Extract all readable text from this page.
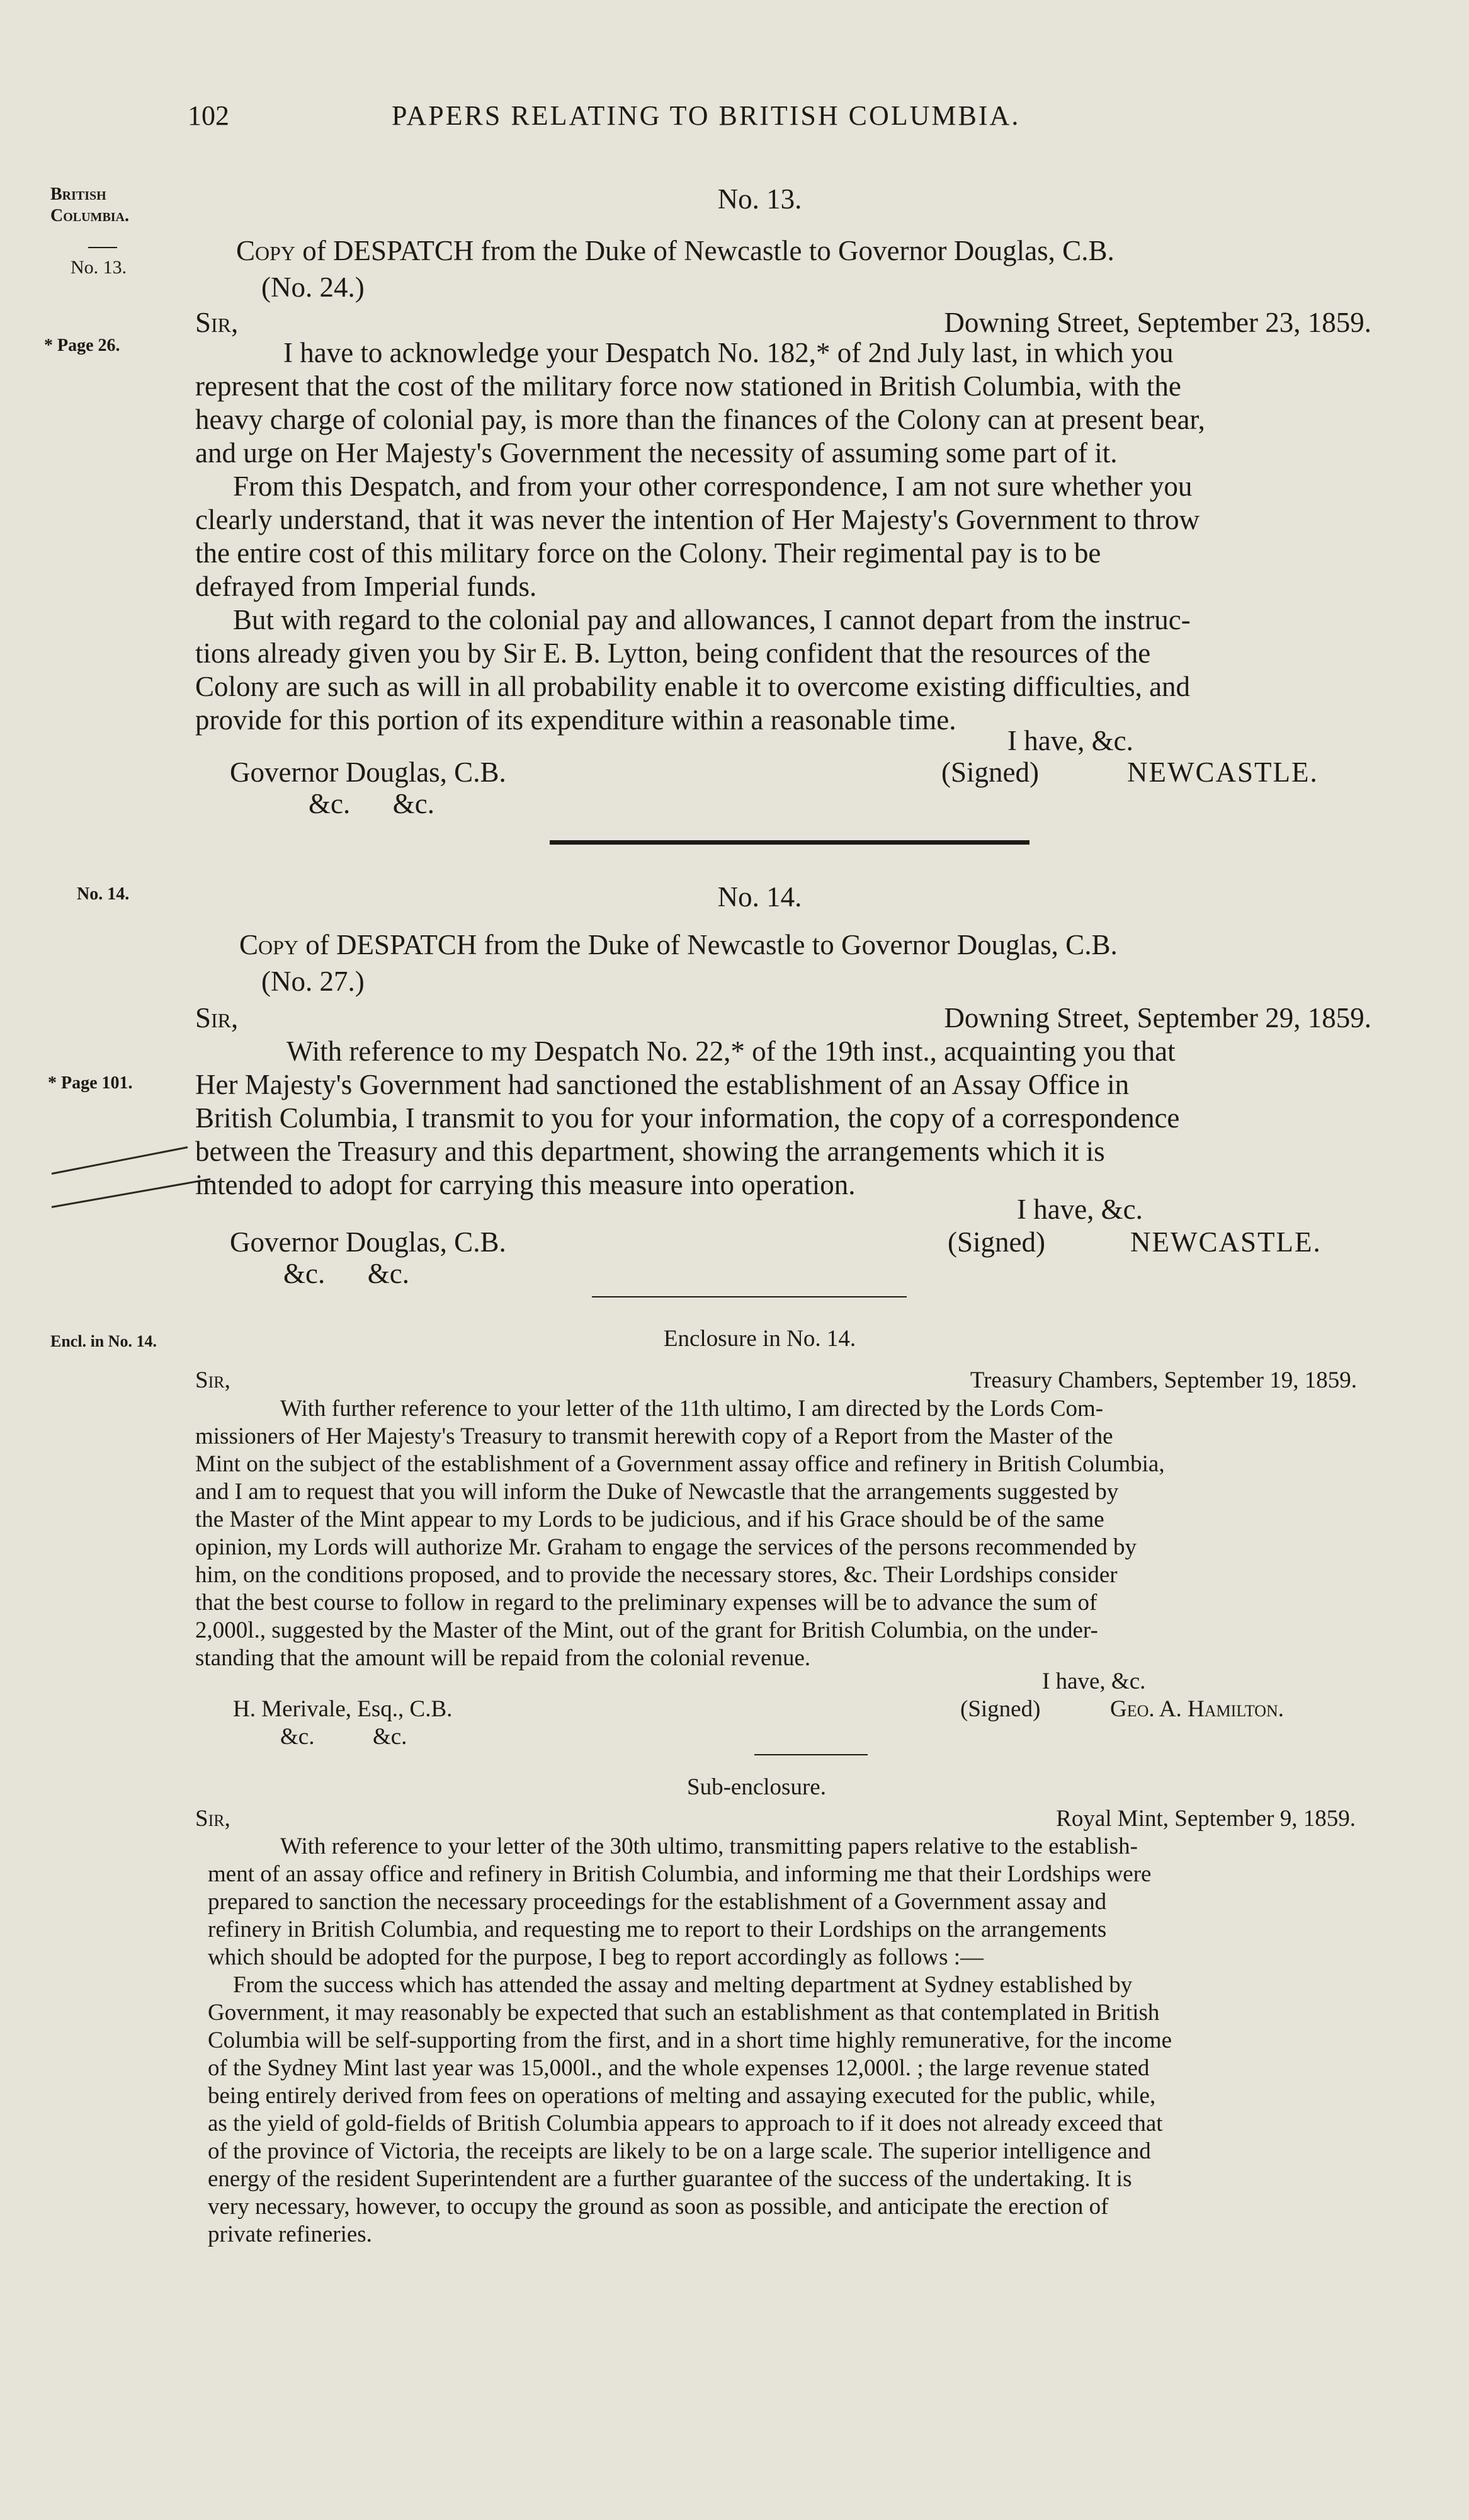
102	PAPERS RELATING TO BRITISH COLUMBIA.
British
Columbia.
No. 13.
* Page 26.
No. 14.
* Page 101.
Encl. in No. 14.
No. 13.
Copy of DESPATCH from the Duke of Newcastle to Governor Douglas, C.B.
(No. 24.)
Sir,	Downing Street, September 23, 1859.
I have to acknowledge your Despatch No. 182,* of 2nd July last, in which you
represent that the cost of the military force now stationed in British Columbia, with the
heavy charge of colonial pay, is more than the finances of the Colony can at present bear,
and urge on Her Majesty's Government the necessity of assuming some part of it.
From this Despatch, and from your other correspondence, I am not sure whether you
clearly understand, that it was never the intention of Her Majesty's Government to throw
the entire cost of this military force on the Colony. Their regimental pay is to be
defrayed from Imperial funds.
But with regard to the colonial pay and allowances, I cannot depart from the instruc-
tions already given you by Sir E. B. Lytton, being confident that the resources of the
Colony are such as will in all probability enable it to overcome existing difficulties, and
provide for this portion of its expenditure within a reasonable time.
I have, &c.
Governor Douglas, C.B.	(Signed)	NEWCASTLE.
&c.      &c.
No. 14.
Copy of DESPATCH from the Duke of Newcastle to Governor Douglas, C.B.
(No. 27.)
Sir,	Downing Street, September 29, 1859.
With reference to my Despatch No. 22,* of the 19th inst., acquainting you that
Her Majesty's Government had sanctioned the establishment of an Assay Office in
British Columbia, I transmit to you for your information, the copy of a correspondence
between the Treasury and this department, showing the arrangements which it is
intended to adopt for carrying this measure into operation.
I have, &c.
Governor Douglas, C.B.	(Signed)	NEWCASTLE.
&c.      &c.
Enclosure in No. 14.
Sir,	Treasury Chambers, September 19, 1859.
With further reference to your letter of the 11th ultimo, I am directed by the Lords Com-
missioners of Her Majesty's Treasury to transmit herewith copy of a Report from the Master of the
Mint on the subject of the establishment of a Government assay office and refinery in British Columbia,
and I am to request that you will inform the Duke of Newcastle that the arrangements suggested by
the Master of the Mint appear to my Lords to be judicious, and if his Grace should be of the same
opinion, my Lords will authorize Mr. Graham to engage the services of the persons recommended by
him, on the conditions proposed, and to provide the necessary stores, &c. Their Lordships consider
that the best course to follow in regard to the preliminary expenses will be to advance the sum of
2,000l., suggested by the Master of the Mint, out of the grant for British Columbia, on the under-
standing that the amount will be repaid from the colonial revenue.
I have, &c.
H. Merivale, Esq., C.B.	(Signed)	Geo. A. Hamilton.
&c.          &c.
Sub-enclosure.
Sir,	Royal Mint, September 9, 1859.
With reference to your letter of the 30th ultimo, transmitting papers relative to the establish-
ment of an assay office and refinery in British Columbia, and informing me that their Lordships were
prepared to sanction the necessary proceedings for the establishment of a Government assay and
refinery in British Columbia, and requesting me to report to their Lordships on the arrangements
which should be adopted for the purpose, I beg to report accordingly as follows :—
From the success which has attended the assay and melting department at Sydney established by
Government, it may reasonably be expected that such an establishment as that contemplated in British
Columbia will be self-supporting from the first, and in a short time highly remunerative, for the income
of the Sydney Mint last year was 15,000l., and the whole expenses 12,000l. ; the large revenue stated
being entirely derived from fees on operations of melting and assaying executed for the public, while,
as the yield of gold-fields of British Columbia appears to approach to if it does not already exceed that
of the province of Victoria, the receipts are likely to be on a large scale. The superior intelligence and
energy of the resident Superintendent are a further guarantee of the success of the undertaking. It is
very necessary, however, to occupy the ground as soon as possible, and anticipate the erection of
private refineries.
